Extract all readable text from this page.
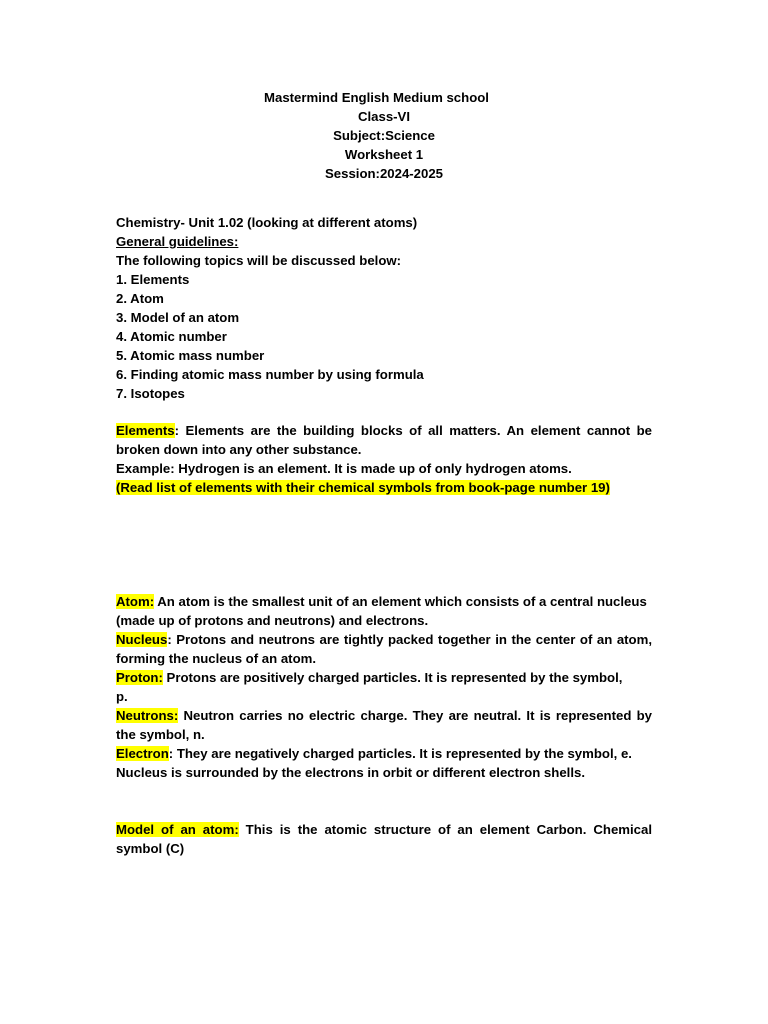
Mastermind English Medium school
Class-VI
Subject:Science
Worksheet 1
Session:2024-2025
Chemistry- Unit 1.02 (looking at different atoms)
General guidelines:
The following topics will be discussed below:
1. Elements
2. Atom
3. Model of an atom
4. Atomic number
5. Atomic mass number
6. Finding atomic mass number by using formula
7. Isotopes
Elements: Elements are the building blocks of all matters. An element cannot be
broken down into any other substance.
Example: Hydrogen is an element. It is made up of only hydrogen atoms.
(Read list of elements with their chemical symbols from book-page number 19)
Atom: An atom is the smallest unit of an element which consists of a central nucleus
(made up of protons and neutrons) and electrons.
Nucleus: Protons and neutrons are tightly packed together in the center of an atom,
forming the nucleus of an atom.
Proton: Protons are positively charged particles. It is represented by the symbol,
p.
Neutrons: Neutron carries no electric charge. They are neutral. It is represented by
the symbol, n.
Electron: They are negatively charged particles. It is represented by the symbol, e.
Nucleus is surrounded by the electrons in orbit or different electron shells.
Model of an atom: This is the atomic structure of an element Carbon. Chemical
symbol (C)
